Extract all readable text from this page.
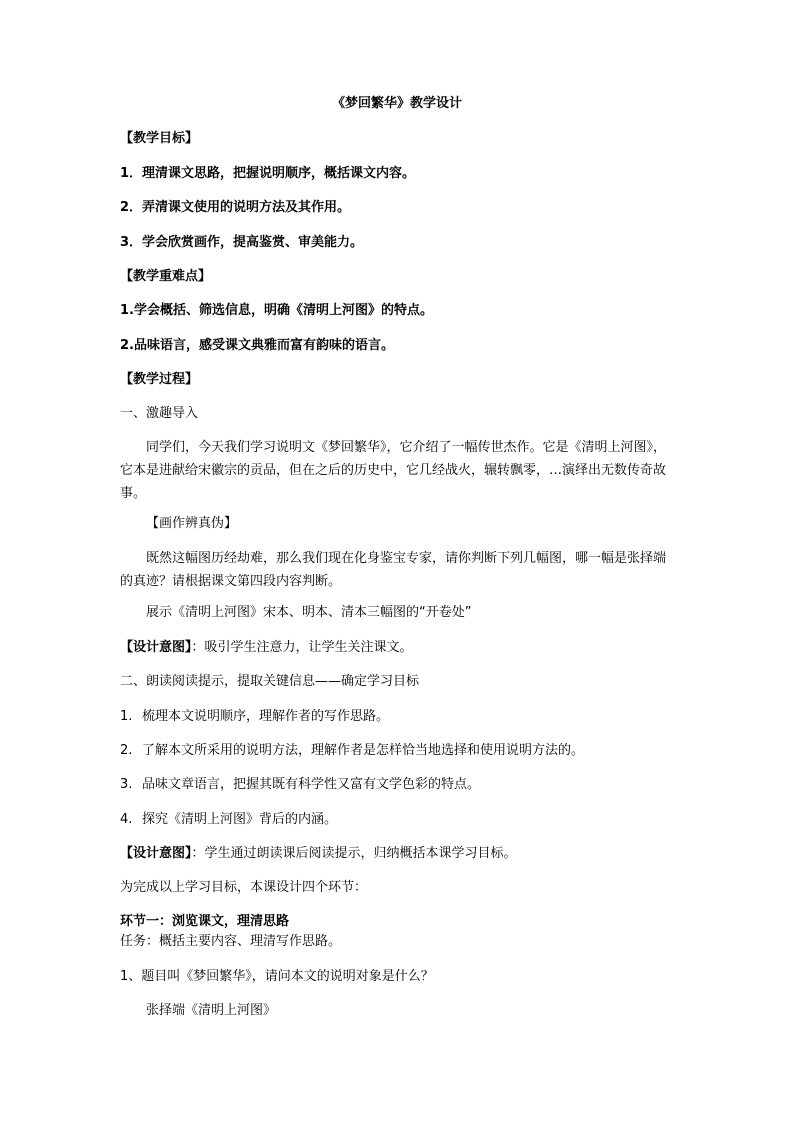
《梦回繁华》教学设计

【教学目标】

1．理清课文思路，把握说明顺序，概括课文内容。

2．弄清课文使用的说明方法及其作用。

3．学会欣赏画作，提高鉴赏、审美能力。

【教学重难点】

1.学会概括、筛选信息，明确《清明上河图》的特点。

2.品味语言，感受课文典雅而富有韵味的语言。

【教学过程】

一、激趣导入

同学们，今天我们学习说明文《梦回繁华》，它介绍了一幅传世杰作。它是《清明上河图》，它本是进献给宋徽宗的贡品，但在之后的历史中，它几经战火，辗转飘零，…演绎出无数传奇故事。

【画作辨真伪】

既然这幅图历经劫难，那么我们现在化身鉴宝专家，请你判断下列几幅图，哪一幅是张择端的真迹？请根据课文第四段内容判断。

展示《清明上河图》宋本、明本、清本三幅图的“开卷处”

【设计意图】：吸引学生注意力，让学生关注课文。

二、朗读阅读提示，提取关键信息——确定学习目标

1. 梳理本文说明顺序，理解作者的写作思路。

2. 了解本文所采用的说明方法，理解作者是怎样恰当地选择和使用说明方法的。

3. 品味文章语言，把握其既有科学性又富有文学色彩的特点。

4. 探究《清明上河图》背后的内涵。

【设计意图】：学生通过朗读课后阅读提示，归纳概括本课学习目标。

为完成以上学习目标，本课设计四个环节：

环节一：浏览课文，理清思路

任务：概括主要内容、理清写作思路。

1、题目叫《梦回繁华》，请问本文的说明对象是什么？

张择端《清明上河图》
